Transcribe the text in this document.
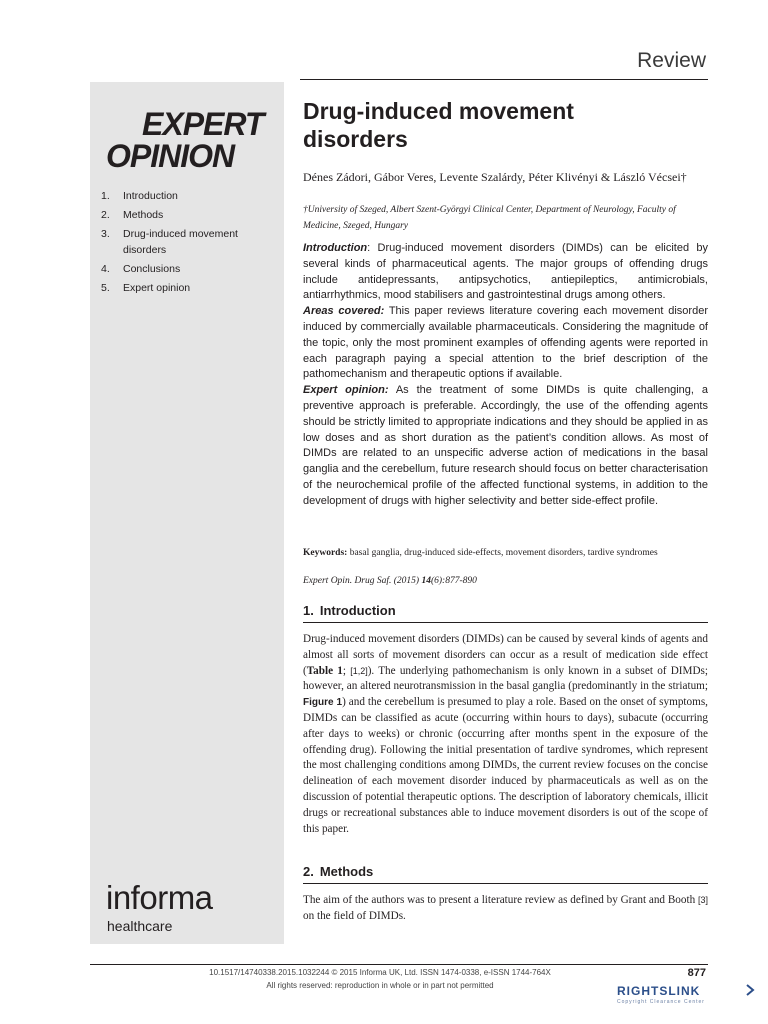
Review
EXPERT
OPINION
1.	Introduction
2.	Methods
3.	Drug-induced movement disorders
4.	Conclusions
5.	Expert opinion
informa
healthcare
Drug-induced movement disorders
Dénes Zádori, Gábor Veres, Levente Szalárdy, Péter Klivényi & László Vécsei†
†University of Szeged, Albert Szent-Györgyi Clinical Center, Department of Neurology, Faculty of Medicine, Szeged, Hungary

Introduction: Drug-induced movement disorders (DIMDs) can be elicited by several kinds of pharmaceutical agents. The major groups of offending drugs include antidepressants, antipsychotics, antiepileptics, antimicrobials, antiarrhythmics, mood stabilisers and gastrointestinal drugs among others.

Areas covered: This paper reviews literature covering each movement disorder induced by commercially available pharmaceuticals. Considering the magnitude of the topic, only the most prominent examples of offending agents were reported in each paragraph paying a special attention to the brief description of the pathomechanism and therapeutic options if available.

Expert opinion: As the treatment of some DIMDs is quite challenging, a preventive approach is preferable. Accordingly, the use of the offending agents should be strictly limited to appropriate indications and they should be applied in as low doses and as short duration as the patient’s condition allows. As most of DIMDs are related to an unspecific adverse action of medications in the basal ganglia and the cerebellum, future research should focus on better characterisation of the neurochemical profile of the affected functional systems, in addition to the development of drugs with higher selectivity and better side-effect profile.

Keywords: basal ganglia, drug-induced side-effects, movement disorders, tardive syndromes
Expert Opin. Drug Saf. (2015) 14(6):877-890
1. Introduction

Drug-induced movement disorders (DIMDs) can be caused by several kinds of agents and almost all sorts of movement disorders can occur as a result of medication side effect (Table 1; [1,2]). The underlying pathomechanism is only known in a subset of DIMDs; however, an altered neurotransmission in the basal ganglia (predominantly in the striatum; Figure 1) and the cerebellum is presumed to play a role. Based on the onset of symptoms, DIMDs can be classified as acute (occurring within hours to days), subacute (occurring after days to weeks) or chronic (occurring after months spent in the exposure of the offending drug). Following the initial presentation of tardive syndromes, which represent the most challenging conditions among DIMDs, the current review focuses on the concise delineation of each movement disorder induced by pharmaceuticals as well as on the discussion of potential therapeutic options. The description of laboratory chemicals, illicit drugs or recreational substances able to induce movement disorders is out of the scope of this paper.

2. Methods

The aim of the authors was to present a literature review as defined by Grant and Booth [3] on the field of DIMDs.

10.1517/14740338.2015.1032244 © 2015 Informa UK, Ltd. ISSN 1474-0338, e-ISSN 1744-764X
All rights reserved: reproduction in whole or in part not permitted
877
RIGHTSLINK
Copyright Clearance Center
